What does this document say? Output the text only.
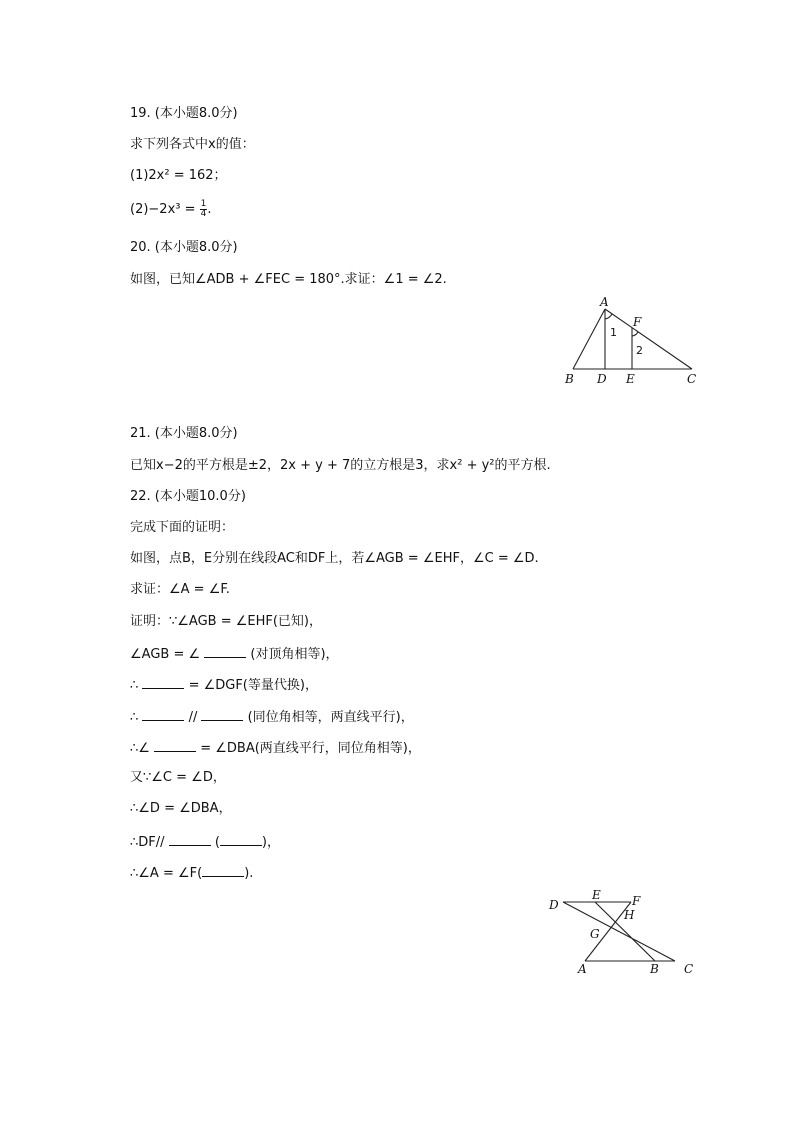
19. (本小题8.0分)
求下列各式中x的值：
(1)2x² = 162；
$(2)-2x^3 = \frac{1}{4}$ .
20. (本小题8.0分)
如图，已知∠ADB + ∠FEC = 180°.求证：∠1 = ∠2.
A
F
1
2
B D E	C
21. (本小题8.0分)
已知x−2的平方根是±2，2x + y + 7的立方根是3，求x² + y²的平方根.
22. (本小题10.0分)
完成下面的证明：
如图，点B，E分别在线段AC和DF上，若∠AGB = ∠EHF，∠C = ∠D.
求证：∠A = ∠F.
证明：∵∠AGB = ∠EHF(已知)，
∠AGB = ∠	(对顶角相等)，
∴	= ∠DGF(等量代换)，
∴	//	(同位角相等，两直线平行)，
∴∠	= ∠DBA(两直线平行，同位角相等)，
又∵∠C = ∠D，
∴∠D = ∠DBA，
∴DF//	(	)，
∴∠A = ∠F(	).
D
E	F
H
G
A	B C
